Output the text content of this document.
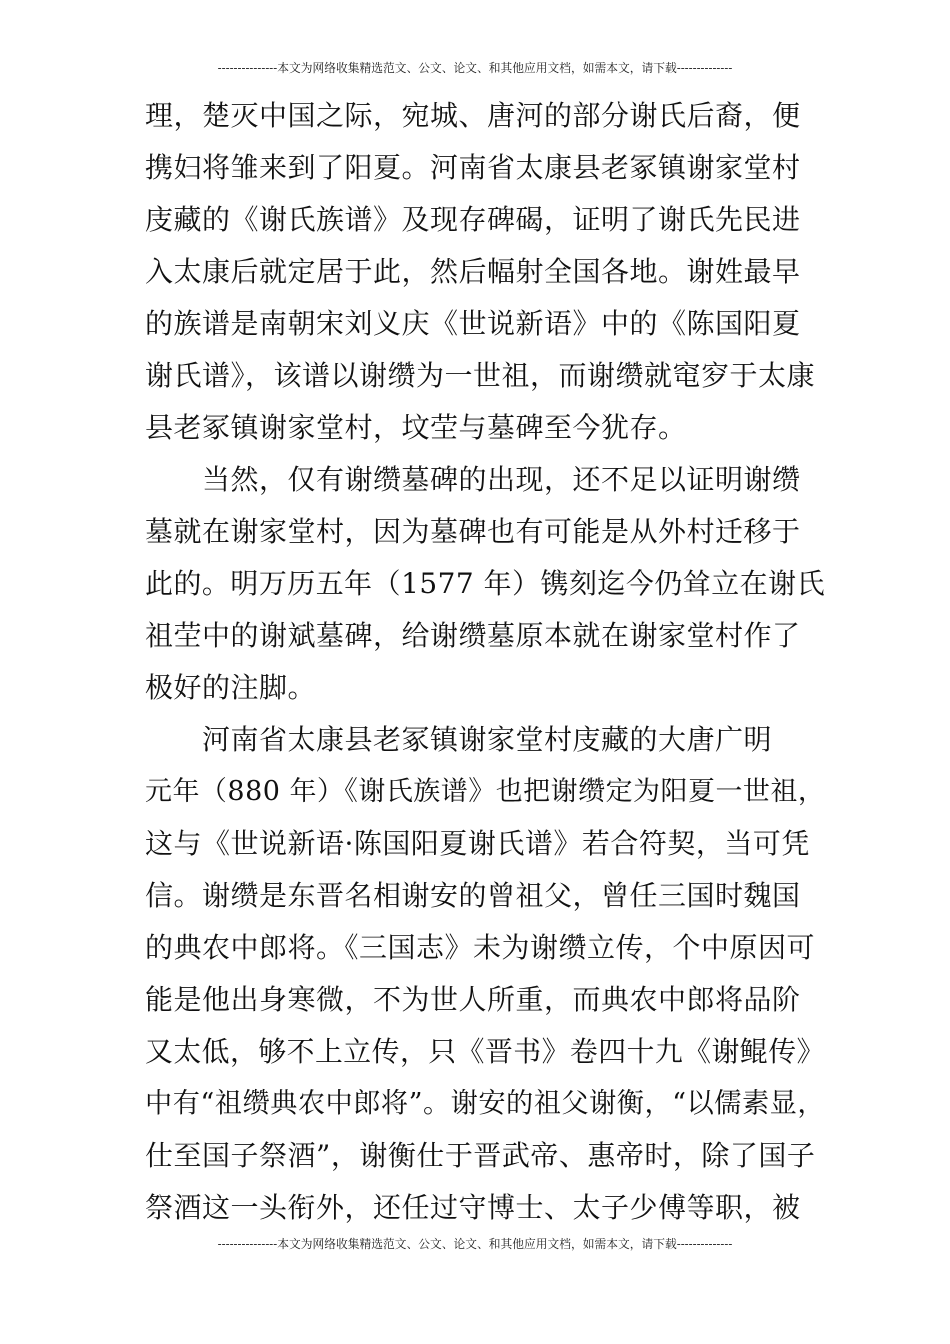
---------------本文为网络收集精选范文、公文、论文、和其他应用文档，如需本文，请下载--------------
理，楚灭中国之际，宛城、唐河的部分谢氏后裔，便
携妇将雏来到了阳夏。河南省太康县老冢镇谢家堂村
庋藏的《谢氏族谱》及现存碑碣，证明了谢氏先民进
入太康后就定居于此，然后幅射全国各地。谢姓最早
的族谱是南朝宋刘义庆《世说新语》中的《陈国阳夏
谢氏谱》，该谱以谢缵为一世祖，而谢缵就窀穸于太康
县老冢镇谢家堂村，坟茔与墓碑至今犹存。
　　当然，仅有谢缵墓碑的出现，还不足以证明谢缵
墓就在谢家堂村，因为墓碑也有可能是从外村迁移于
此的。明万历五年（1577 年）镌刻迄今仍耸立在谢氏
祖茔中的谢斌墓碑，给谢缵墓原本就在谢家堂村作了
极好的注脚。
　　河南省太康县老冢镇谢家堂村庋藏的大唐广明
元年（880 年）《谢氏族谱》也把谢缵定为阳夏一世祖，
这与《世说新语·陈国阳夏谢氏谱》若合符契，当可凭
信。谢缵是东晋名相谢安的曾祖父，曾任三国时魏国
的典农中郎将。《三国志》未为谢缵立传，个中原因可
能是他出身寒微，不为世人所重，而典农中郎将品阶
又太低，够不上立传，只《晋书》卷四十九《谢鲲传》
中有“祖缵典农中郎将”。谢安的祖父谢衡，“以儒素显，
仕至国子祭酒”，谢衡仕于晋武帝、惠帝时，除了国子
祭酒这一头衔外，还任过守博士、太子少傅等职，被
---------------本文为网络收集精选范文、公文、论文、和其他应用文档，如需本文，请下载--------------
